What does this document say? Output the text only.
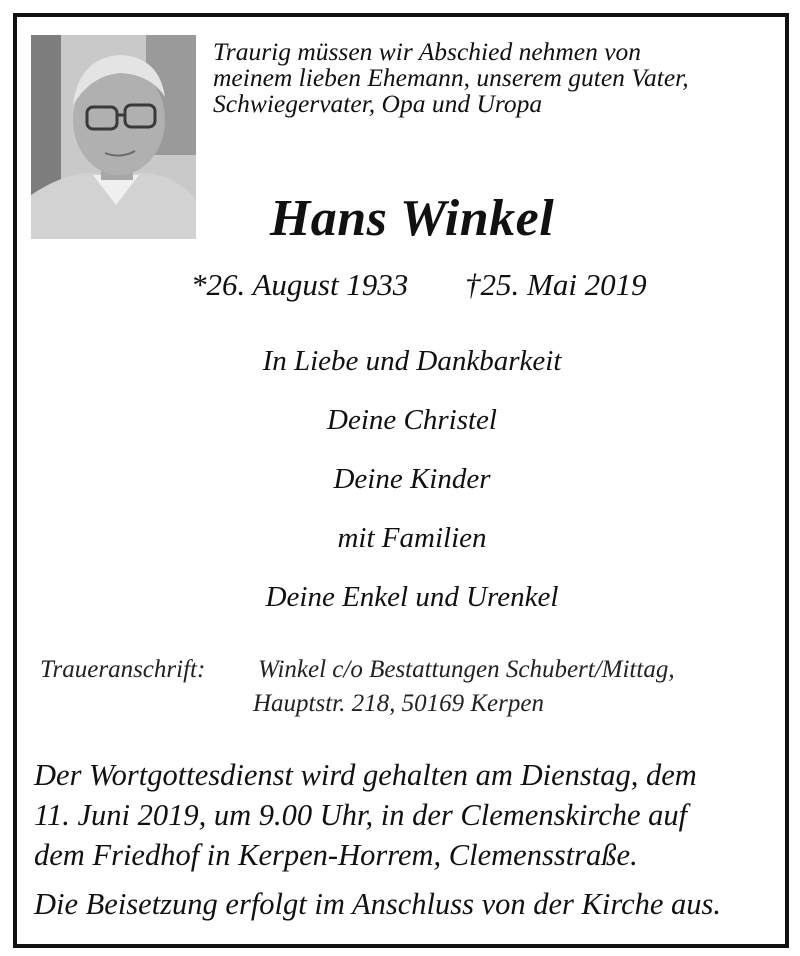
Traurig müssen wir Abschied nehmen von
meinem lieben Ehemann, unserem guten Vater,
Schwiegervater, Opa und Uropa
Hans Winkel
*26. August 1933 †25. Mai 2019
In Liebe und Dankbarkeit
Deine Christel
Deine Kinder
mit Familien
Deine Enkel und Urenkel
Traueranschrift: Winkel c/o Bestattungen Schubert/Mittag,
Hauptstr. 218, 50169 Kerpen
Der Wortgottesdienst wird gehalten am Dienstag, dem
11. Juni 2019, um 9.00 Uhr, in der Clemenskirche auf
dem Friedhof in Kerpen-Horrem, Clemensstraße.
Die Beisetzung erfolgt im Anschluss von der Kirche aus.
